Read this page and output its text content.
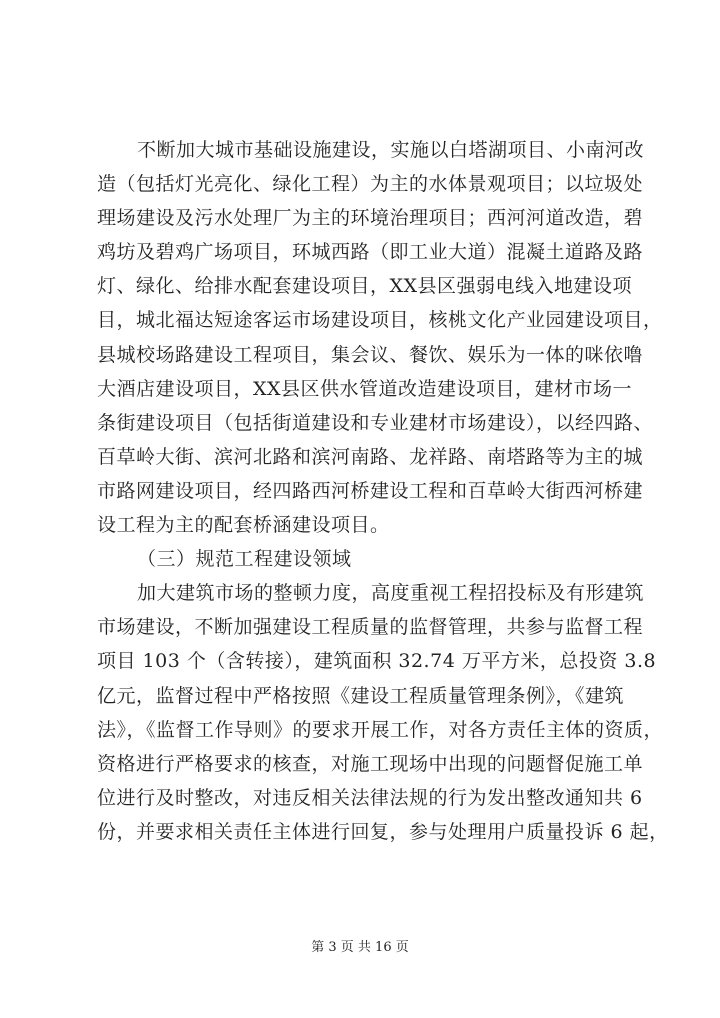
不断加大城市基础设施建设，实施以白塔湖项目、小南河改
造（包括灯光亮化、绿化工程）为主的水体景观项目；以垃圾处
理场建设及污水处理厂为主的环境治理项目；西河河道改造，碧
鸡坊及碧鸡广场项目，环城西路（即工业大道）混凝土道路及路
灯、绿化、给排水配套建设项目，XX县区强弱电线入地建设项
目，城北福达短途客运市场建设项目，核桃文化产业园建设项目，
县城校场路建设工程项目，集会议、餐饮、娱乐为一体的咪依噜
大酒店建设项目，XX县区供水管道改造建设项目，建材市场一
条街建设项目（包括街道建设和专业建材市场建设），以经四路、
百草岭大街、滨河北路和滨河南路、龙祥路、南塔路等为主的城
市路网建设项目，经四路西河桥建设工程和百草岭大街西河桥建
设工程为主的配套桥涵建设项目。
（三）规范工程建设领域
加大建筑市场的整顿力度，高度重视工程招投标及有形建筑
市场建设，不断加强建设工程质量的监督管理，共参与监督工程
项目 103 个（含转接），建筑面积 32.74 万平方米，总投资 3.8
亿元，监督过程中严格按照《建设工程质量管理条例》，《建筑
法》，《监督工作导则》的要求开展工作，对各方责任主体的资质，
资格进行严格要求的核查，对施工现场中出现的问题督促施工单
位进行及时整改，对违反相关法律法规的行为发出整改通知共 6
份，并要求相关责任主体进行回复，参与处理用户质量投诉 6 起，
第 3 页 共 16 页
